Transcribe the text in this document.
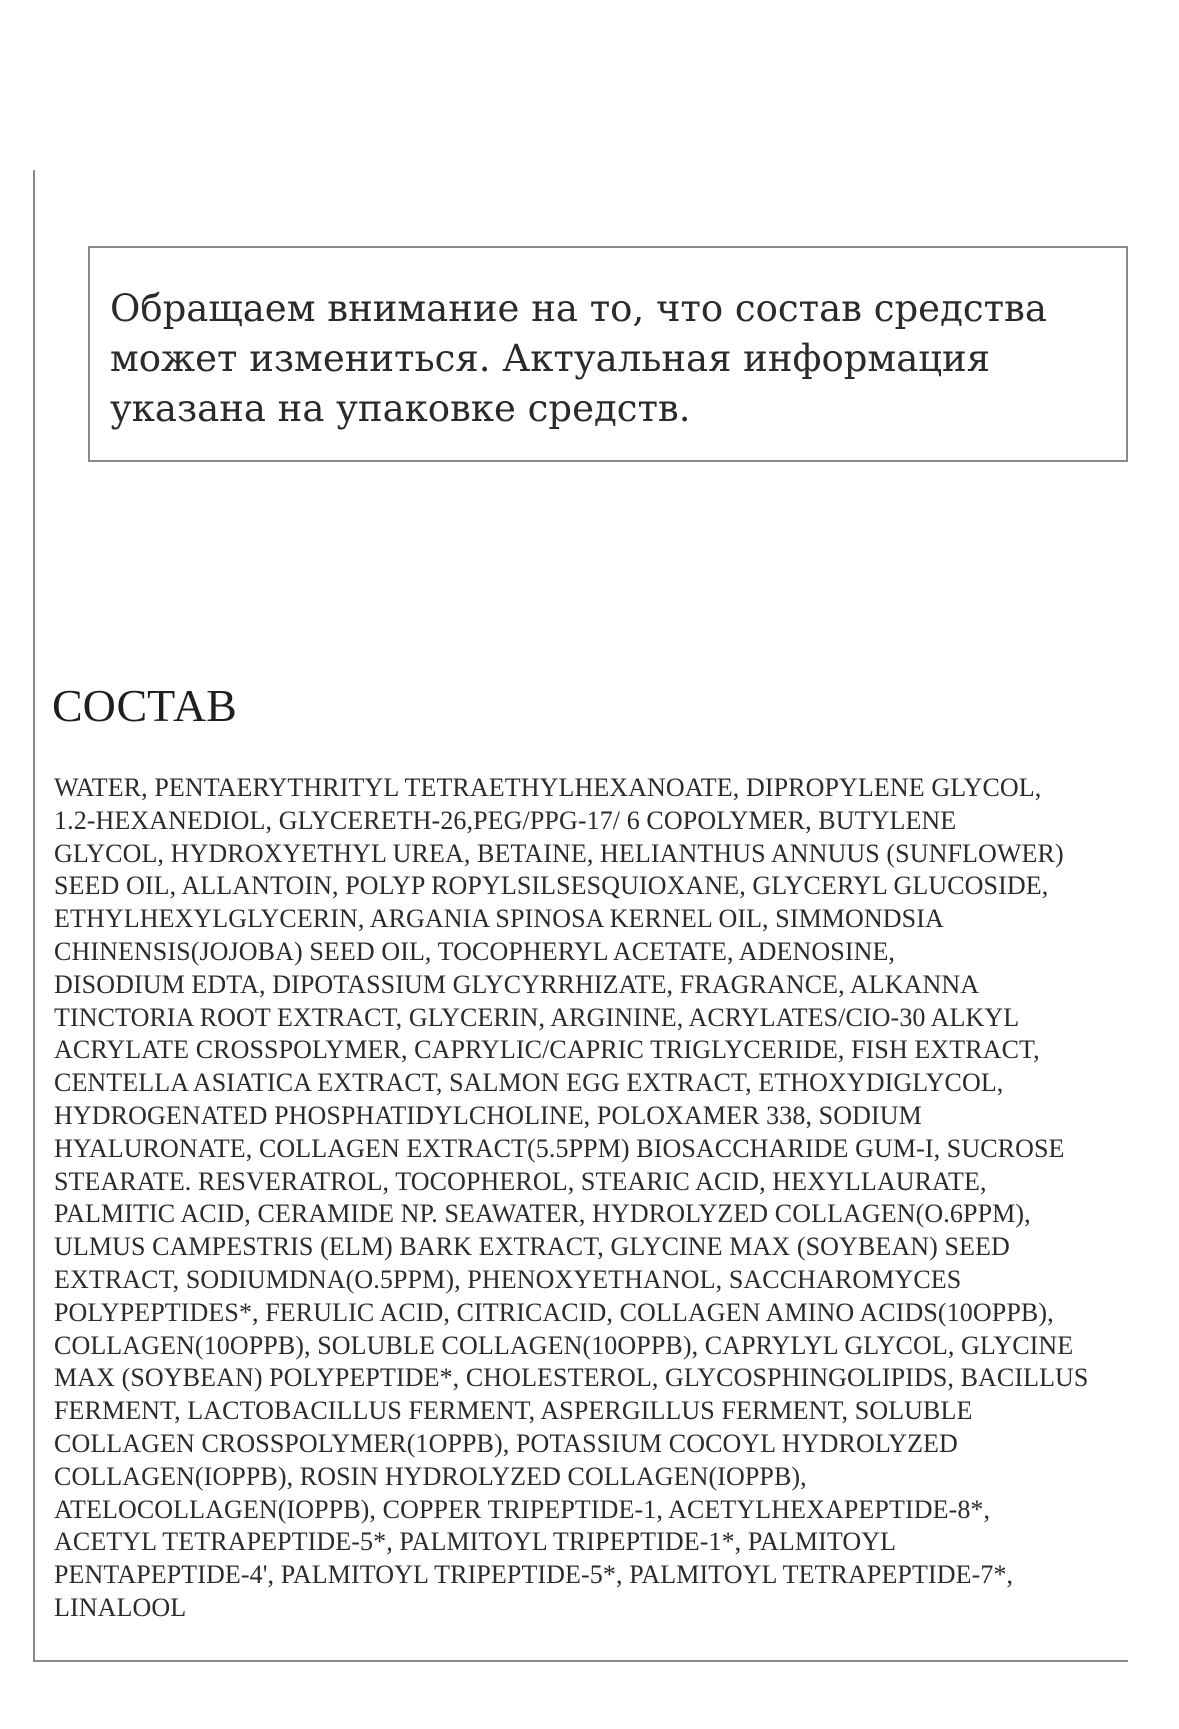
Обращаем внимание на то, что состав средства
может измениться. Актуальная информация
указана на упаковке средств.
СОСТАВ
WATER, PENTAERYTHRITYL TETRAETHYLHEXANOATE, DIPROPYLENE GLYCOL,
1.2-HEXANEDIOL, GLYCERETH-26,PEG/PPG-17/ 6 COPOLYMER, BUTYLENE
GLYCOL, HYDROXYETHYL UREA, BETAINE, HELIANTHUS ANNUUS (SUNFLOWER)
SEED OIL, ALLANTOIN, POLYP ROPYLSILSESQUIOXANE, GLYCERYL GLUCOSIDE,
ETHYLHEXYLGLYCERIN, ARGANIA SPINOSA KERNEL OIL, SIMMONDSIA
CHINENSIS(JOJOBA) SEED OIL, TOCOPHERYL ACETATE, ADENOSINE,
DISODIUM EDTA, DIPOTASSIUM GLYCYRRHIZATE, FRAGRANCE, ALKANNA
TINCTORIA ROOT EXTRACT, GLYCERIN, ARGININE, ACRYLATES/CIO-30 ALKYL
ACRYLATE CROSSPOLYMER, CAPRYLIC/CAPRIC TRIGLYCERIDE, FISH EXTRACT,
CENTELLA ASIATICA EXTRACT, SALMON EGG EXTRACT, ETHOXYDIGLYCOL,
HYDROGENATED PHOSPHATIDYLCHOLINE, POLOXAMER 338, SODIUM
HYALURONATE, COLLAGEN EXTRACT(5.5PPM) BIOSACCHARIDE GUM-I, SUCROSE
STEARATE. RESVERATROL, TOCOPHEROL, STEARIC ACID, HEXYLLAURATE,
PALMITIC ACID, CERAMIDE NP. SEAWATER, HYDROLYZED COLLAGEN(O.6PPM),
ULMUS CAMPESTRIS (ELM) BARK EXTRACT, GLYCINE MAX (SOYBEAN) SEED
EXTRACT, SODIUMDNA(O.5PPM), PHENOXYETHANOL, SACCHAROMYCES
POLYPEPTIDES*, FERULIC ACID, CITRICACID, COLLAGEN AMINO ACIDS(10OPPB),
COLLAGEN(10OPPB), SOLUBLE COLLAGEN(10OPPB), CAPRYLYL GLYCOL, GLYCINE
MAX (SOYBEAN) POLYPEPTIDE*, CHOLESTEROL, GLYCOSPHINGOLIPIDS, BACILLUS
FERMENT, LACTOBACILLUS FERMENT, ASPERGILLUS FERMENT, SOLUBLE
COLLAGEN CROSSPOLYMER(1OPPB), POTASSIUM COCOYL HYDROLYZED
COLLAGEN(IOPPB), ROSIN HYDROLYZED COLLAGEN(IOPPB),
ATELOCOLLAGEN(IOPPB), COPPER TRIPEPTIDE-1, ACETYLHEXAPEPTIDE-8*,
ACETYL TETRAPEPTIDE-5*, PALMITOYL TRIPEPTIDE-1*, PALMITOYL
PENTAPEPTIDE-4', PALMITOYL TRIPEPTIDE-5*, PALMITOYL TETRAPEPTIDE-7*,
LINALOOL
